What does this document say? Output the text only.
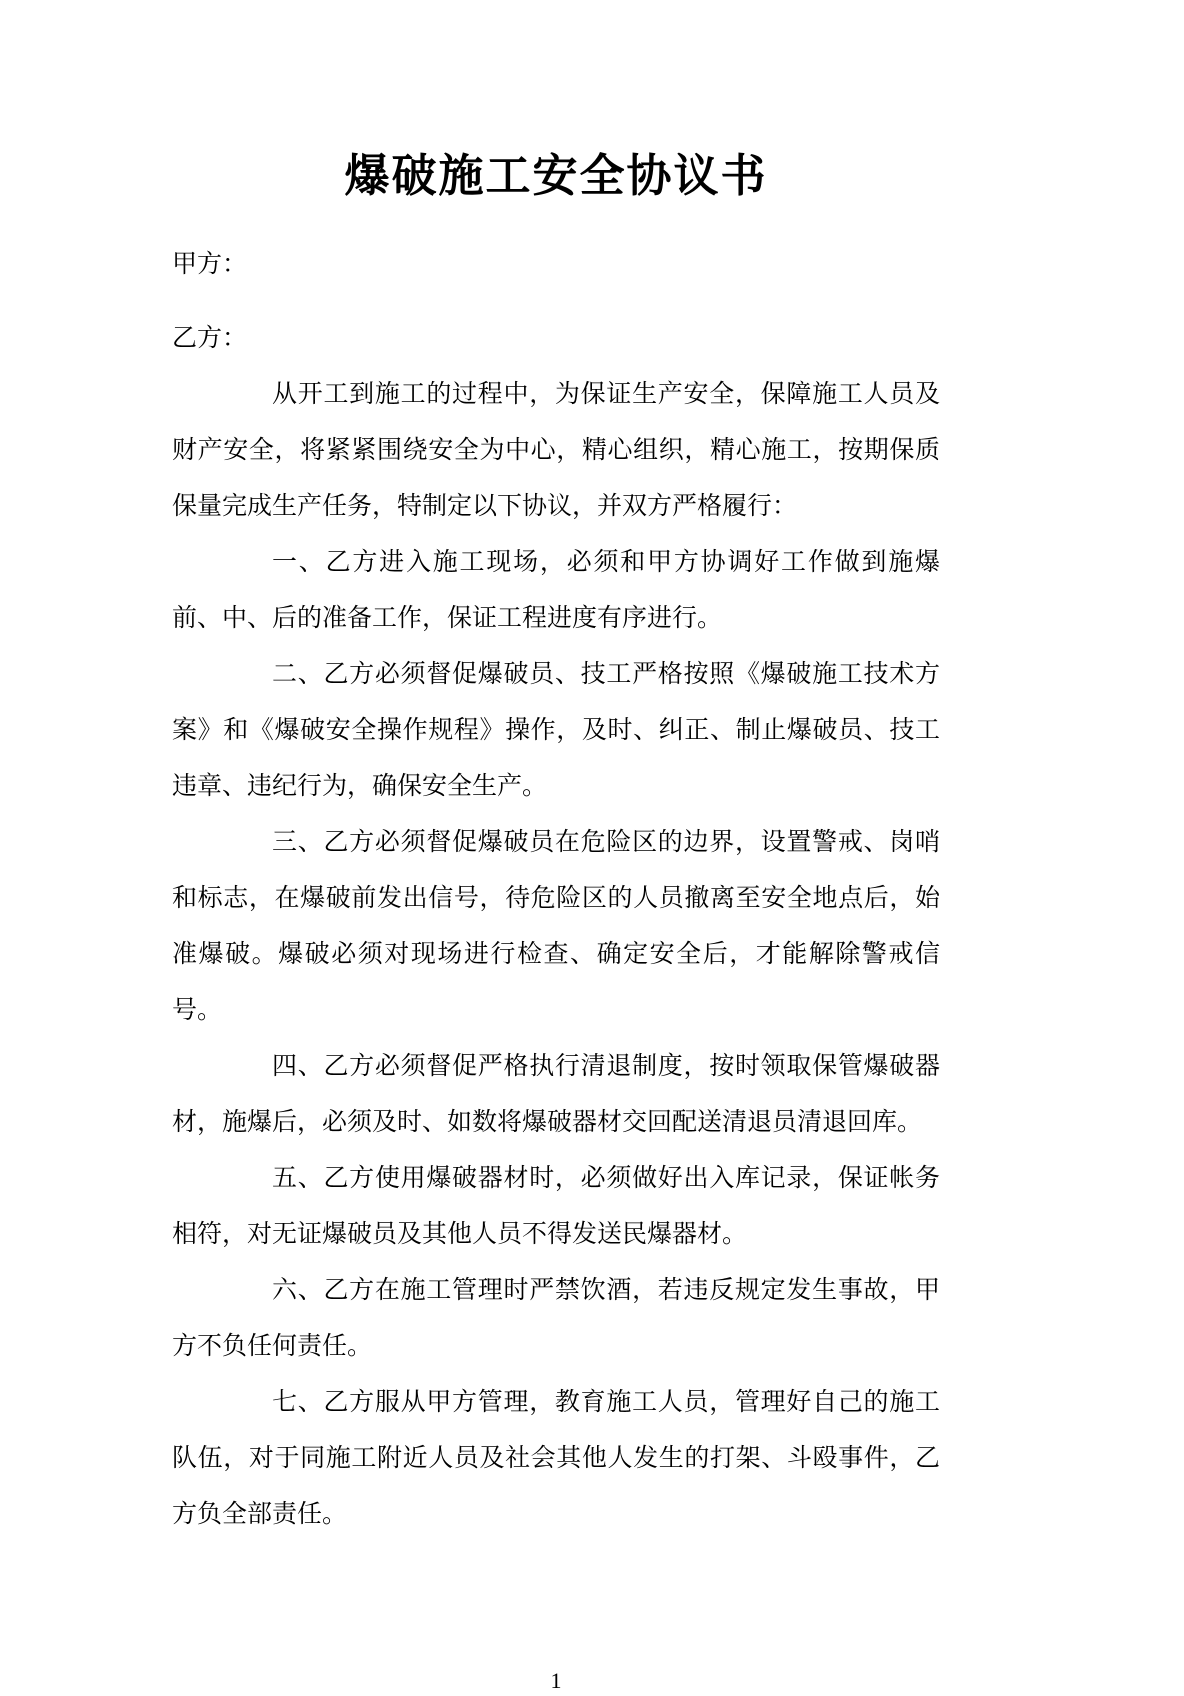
爆破施工安全协议书

甲方：

乙方：

从开工到施工的过程中，为保证生产安全，保障施工人员及财产安全，将紧紧围绕安全为中心，精心组织，精心施工，按期保质保量完成生产任务，特制定以下协议，并双方严格履行：

一、乙方进入施工现场，必须和甲方协调好工作做到施爆前、中、后的准备工作，保证工程进度有序进行。

二、乙方必须督促爆破员、技工严格按照《爆破施工技术方案》和《爆破安全操作规程》操作，及时、纠正、制止爆破员、技工违章、违纪行为，确保安全生产。

三、乙方必须督促爆破员在危险区的边界，设置警戒、岗哨和标志，在爆破前发出信号，待危险区的人员撤离至安全地点后，始准爆破。爆破必须对现场进行检查、确定安全后，才能解除警戒信号。

四、乙方必须督促严格执行清退制度，按时领取保管爆破器材，施爆后，必须及时、如数将爆破器材交回配送清退员清退回库。

五、乙方使用爆破器材时，必须做好出入库记录，保证帐务相符，对无证爆破员及其他人员不得发送民爆器材。

六、乙方在施工管理时严禁饮酒，若违反规定发生事故，甲方不负任何责任。

七、乙方服从甲方管理，教育施工人员，管理好自己的施工队伍，对于同施工附近人员及社会其他人发生的打架、斗殴事件，乙方负全部责任。

1
